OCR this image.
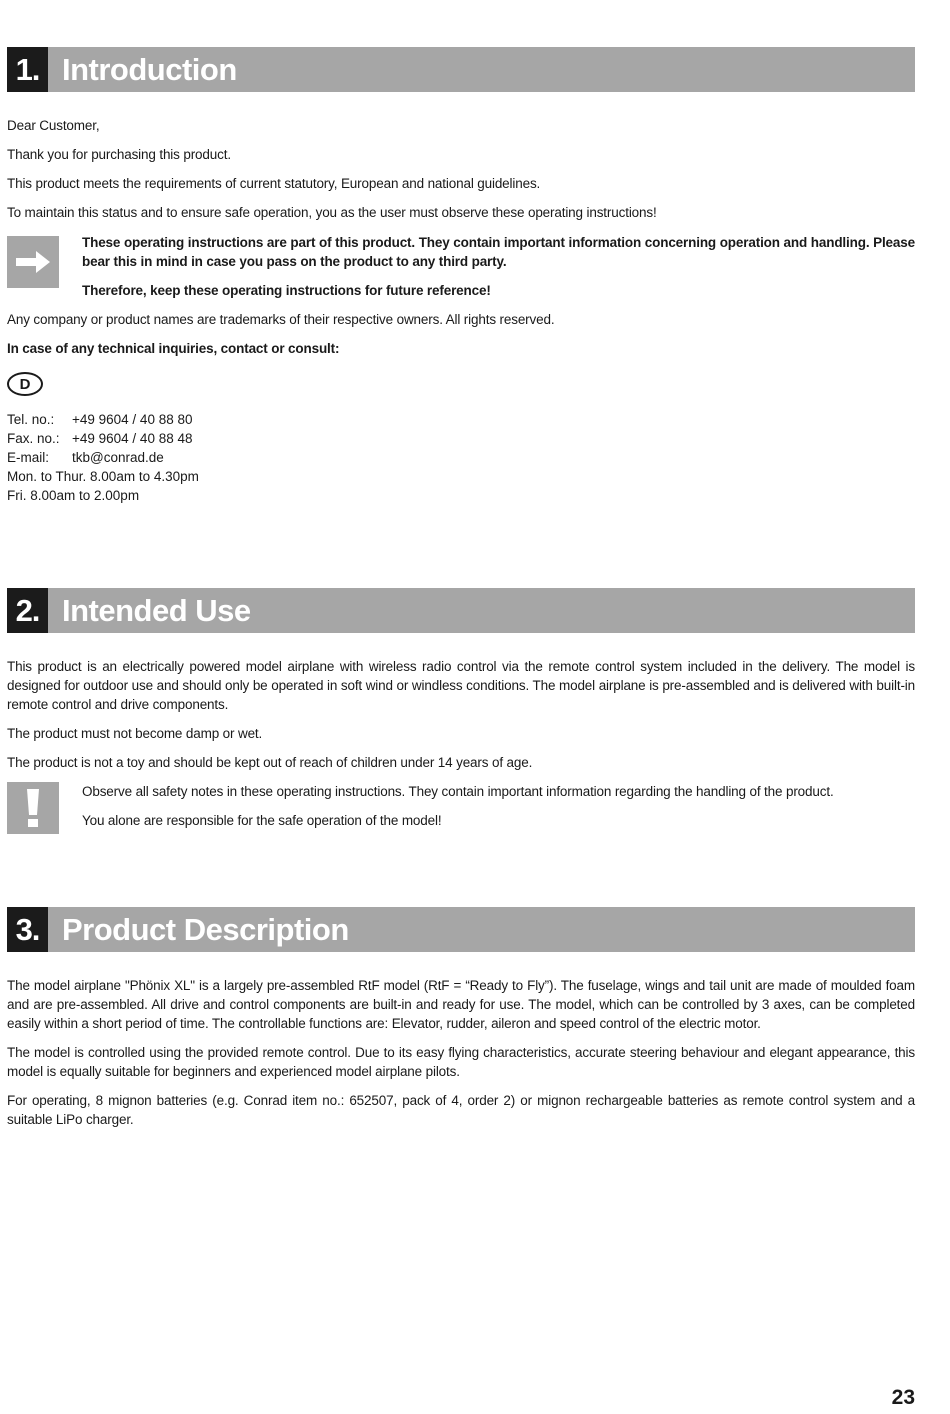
1. Introduction

Dear Customer,

Thank you for purchasing this product.

This product meets the requirements of current statutory, European and national guidelines.

To maintain this status and to ensure safe operation, you as the user must observe these operating instructions!

These operating instructions are part of this product. They contain important information concerning operation and handling. Please bear this in mind in case you pass on the product to any third party.

Therefore, keep these operating instructions for future reference!

Any company or product names are trademarks of their respective owners. All rights reserved.

In case of any technical inquiries, contact or consult:

D
Tel. no.: +49 9604 / 40 88 80
Fax. no.: +49 9604 / 40 88 48
E-mail: tkb@conrad.de
Mon. to Thur. 8.00am to 4.30pm
Fri. 8.00am to 2.00pm
2. Intended Use

This product is an electrically powered model airplane with wireless radio control via the remote control system included in the delivery. The model is designed for outdoor use and should only be operated in soft wind or windless conditions. The model airplane is pre-assembled and is delivered with built-in remote control and drive components.

The product must not become damp or wet.

The product is not a toy and should be kept out of reach of children under 14 years of age.

Observe all safety notes in these operating instructions. They contain important information regarding the handling of the product.

You alone are responsible for the safe operation of the model!

3. Product Description

The model airplane "Phönix XL" is a largely pre-assembled RtF model (RtF = “Ready to Fly”). The fuselage, wings and tail unit are made of moulded foam and are pre-assembled. All drive and control components are built-in and ready for use. The model, which can be controlled by 3 axes, can be completed easily within a short period of time. The controllable functions are: Elevator, rudder, aileron and speed control of the electric motor.

The model is controlled using the provided remote control. Due to its easy flying characteristics, accurate steering behaviour and elegant appearance, this model is equally suitable for beginners and experienced model airplane pilots.

For operating, 8 mignon batteries (e.g. Conrad item no.: 652507, pack of 4, order 2) or mignon rechargeable batteries as remote control system and a suitable LiPo charger.

23
